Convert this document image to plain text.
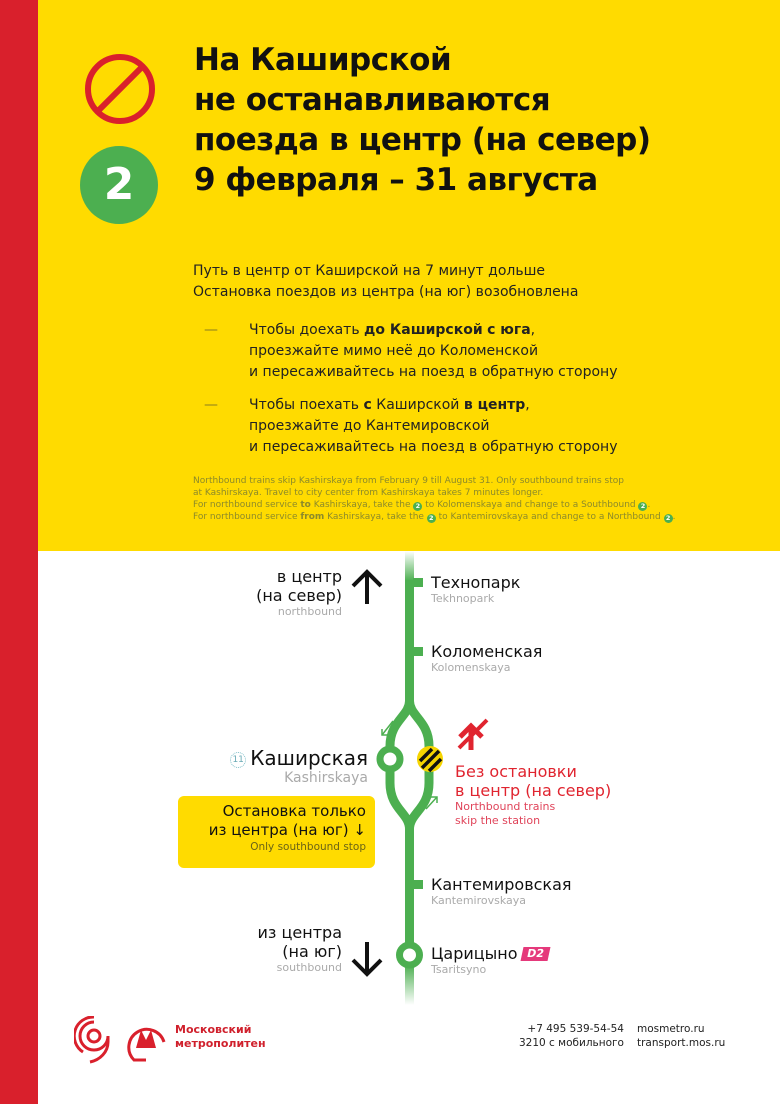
2
На Каширской
не останавливаются
поезда в центр (на север)
9 февраля – 31 августа
Путь в центр от Каширской на 7 минут дольше
Остановка поездов из центра (на юг) возобновлена
— Чтобы доехать до Каширской с юга,
проезжайте мимо неё до Коломенской
и пересаживайтесь на поезд в обратную сторону
— Чтобы поехать с Каширской в центр,
проезжайте до Кантемировской
и пересаживайтесь на поезд в обратную сторону
Northbound trains skip Kashirskaya from February 9 till August 31. Only southbound trains stop
at Kashirskaya. Travel to city center from Kashirskaya takes 7 minutes longer.
For northbound service to Kashirskaya, take the 2 to Kolomenskaya and change to a Southbound 2 .
For northbound service from Kashirskaya, take the 2 to Kantemirovskaya and change to a Northbound 2 .
в центр
(на север)
northbound
из центра
(на юг)
southbound
Технопарк
Tekhnopark
Коломенская
Kolomenskaya
11 Каширская
Kashirskaya
Кантемировская
Kantemirovskaya
Царицыно D2
Tsaritsyno
Остановка только
из центра (на юг) ↓
Only southbound stop
Без остановки
в центр (на север)
Northbound trains
skip the station
Московский
метрополитен
+7 495 539-54-54
3210 с мобильного
mosmetro.ru
transport.mos.ru
